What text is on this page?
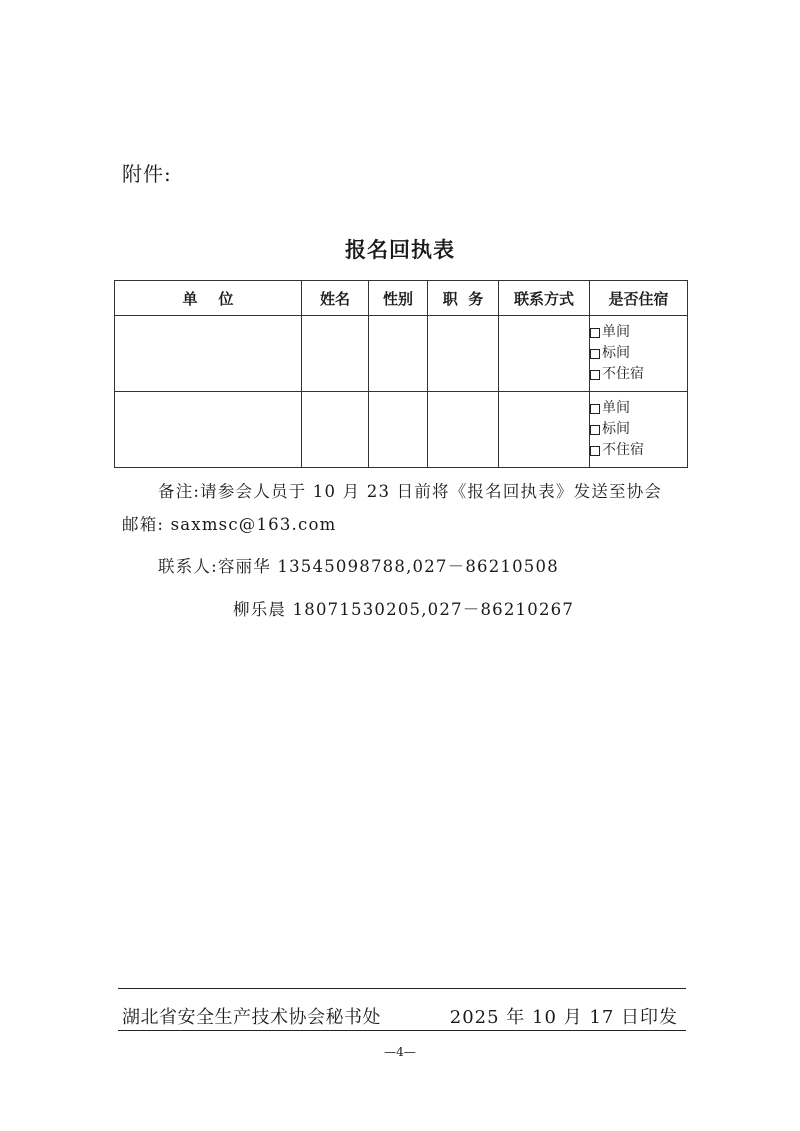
附件:
报名回执表
单    位	姓名	性别	职  务	联系方式	是否住宿

					单间
标间
不住宿

					单间
标间
不住宿
备注:请参会人员于 10 月 23 日前将《报名回执表》发送至协会
邮箱: saxmsc@163.com
联系人:容丽华 13545098788,027－86210508
柳乐晨 18071530205,027－86210267
湖北省安全生产技术协会秘书处	2025 年 10 月 17 日印发
—4—
